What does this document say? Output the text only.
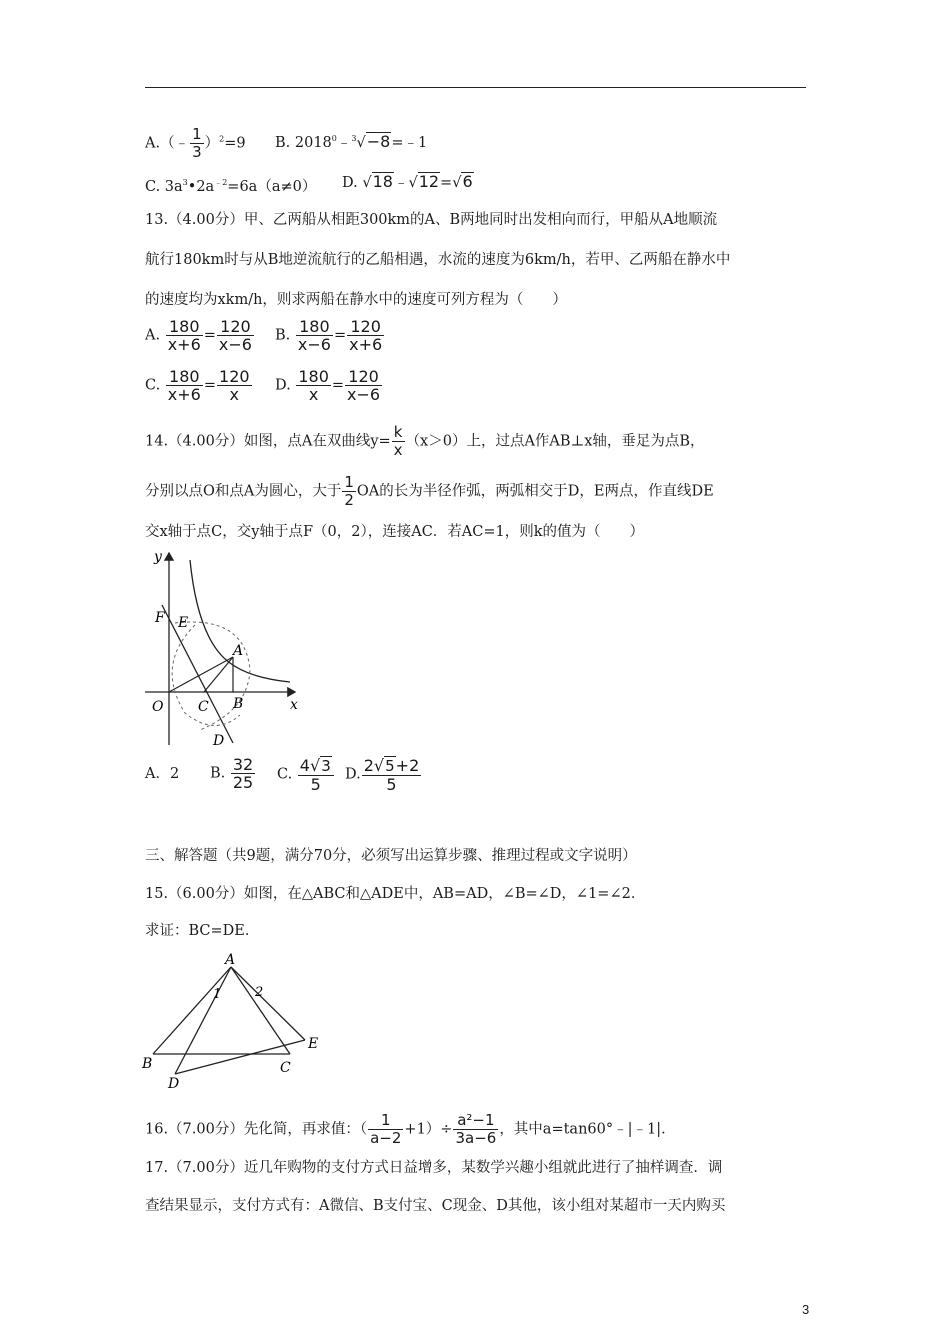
A.（﹣ $\frac{1}{3} )^2=9$ B. $2018^0﹣^3√-8=﹣1$
C. $3a^3•2a^{﹣2}=6a(a\ne 0)$ D. √18﹣√12=√6
13.（4.00分）甲、乙两船从相距300km的A、B两地同时出发相向而行，甲船从A地顺流
航行180km时与从B地逆流航行的乙船相遇，水流的速度为6km/h，若甲、乙两船在静水中
的速度均为xkm/h，则求两船在静水中的速度可列方程为（　　）
A. $\frac{180}{x+6} = \frac{120}{x-6} B$. $\frac{180}{x-6} = \frac{120}{x+6}$
C. $\frac{180}{x+6} = \frac{120}{x} D$. $\frac{180}{x} = \frac{120}{x-6}$
14.（4.00分）如图，点A在双曲线$y= \frac{k}{x} (x>0)$上，过点A作AB⊥x轴，垂足为点B，
分别以点O和点A为圆心，大于 $\frac{1}{2}$ OA的长为半径作弧，两弧相交于D，E两点，作直线DE
交x轴于点C，交y轴于点F（0，2），连接AC．若AC=1，则k的值为（　　）
y
F E
A
O C B	x
D
A．2 B. $\frac{32}{25} C$. $\frac{4√3}{5} D$. $\frac{2√5+2}{5}$
三、解答题（共9题，满分70分，必须写出运算步骤、推理过程或文字说明）
15.（6.00分）如图，在△ABC和△ADE中，AB=AD，∠B=∠D，∠1=∠2．
求证：BC=DE．
A
1	2
B	C
D
E
16.（7.00分）先化简，再求值：（ $\frac{1}{a-2} +1)\div \frac{\text{a²−1}}{3a-6}$ ，其中a=tan60°﹣|﹣1|．
17.（7.00分）近几年购物的支付方式日益增多，某数学兴趣小组就此进行了抽样调查．调
查结果显示，支付方式有：A微信、B支付宝、C现金、D其他，该小组对某超市一天内购买
3
